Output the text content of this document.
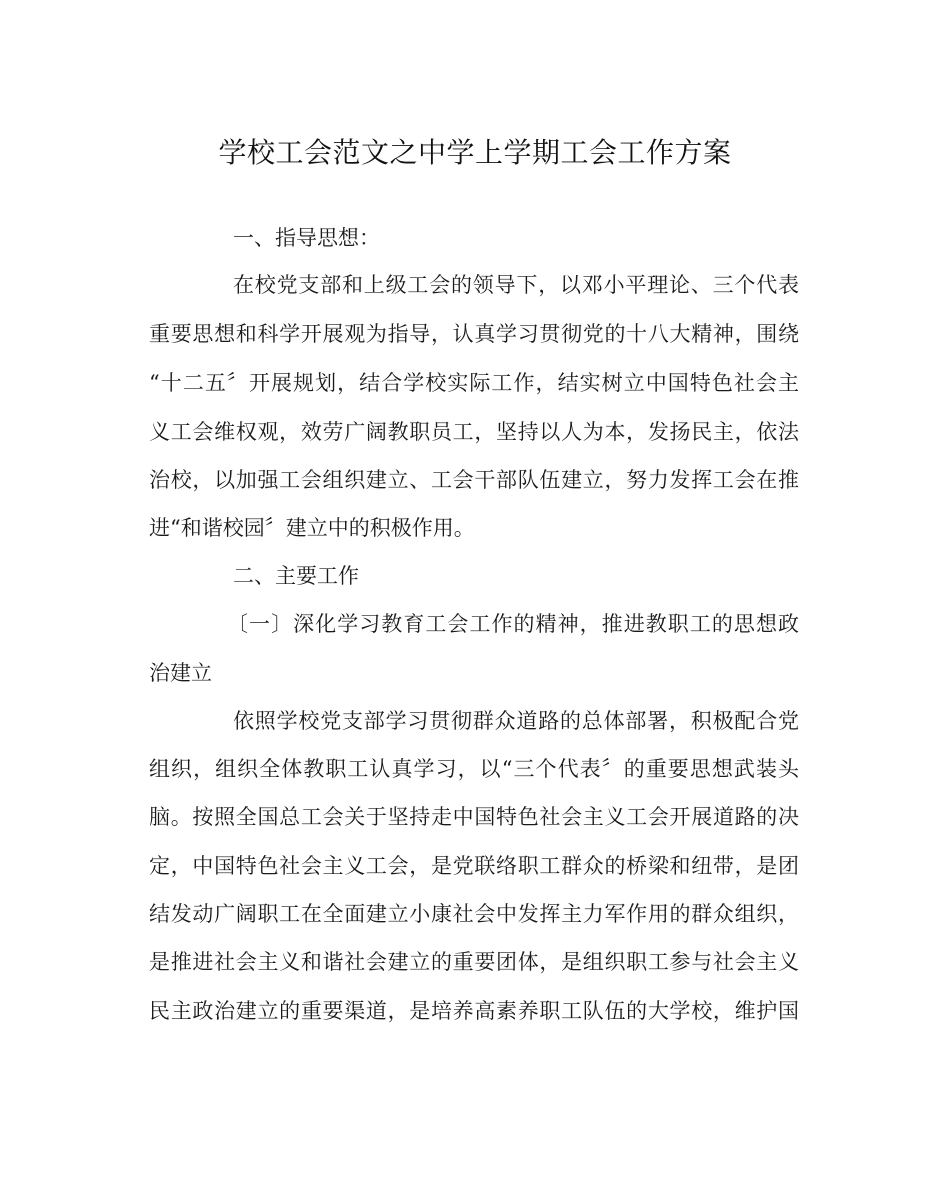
学校工会范文之中学上学期工会工作方案
一、指导思想：
在校党支部和上级工会的领导下，以邓小平理论、三个代表
重要思想和科学开展观为指导，认真学习贯彻党的十八大精神，围绕
“十二五〞开展规划，结合学校实际工作，结实树立中国特色社会主
义工会维权观，效劳广阔教职员工，坚持以人为本，发扬民主，依法
治校，以加强工会组织建立、工会干部队伍建立，努力发挥工会在推
进“和谐校园〞建立中的积极作用。
二、主要工作
〔一〕深化学习教育工会工作的精神，推进教职工的思想政
治建立
依照学校党支部学习贯彻群众道路的总体部署，积极配合党
组织，组织全体教职工认真学习，以“三个代表〞的重要思想武装头
脑。按照全国总工会关于坚持走中国特色社会主义工会开展道路的决
定，中国特色社会主义工会，是党联络职工群众的桥梁和纽带，是团
结发动广阔职工在全面建立小康社会中发挥主力军作用的群众组织，
是推进社会主义和谐社会建立的重要团体，是组织职工参与社会主义
民主政治建立的重要渠道，是培养高素养职工队伍的大学校，维护国
